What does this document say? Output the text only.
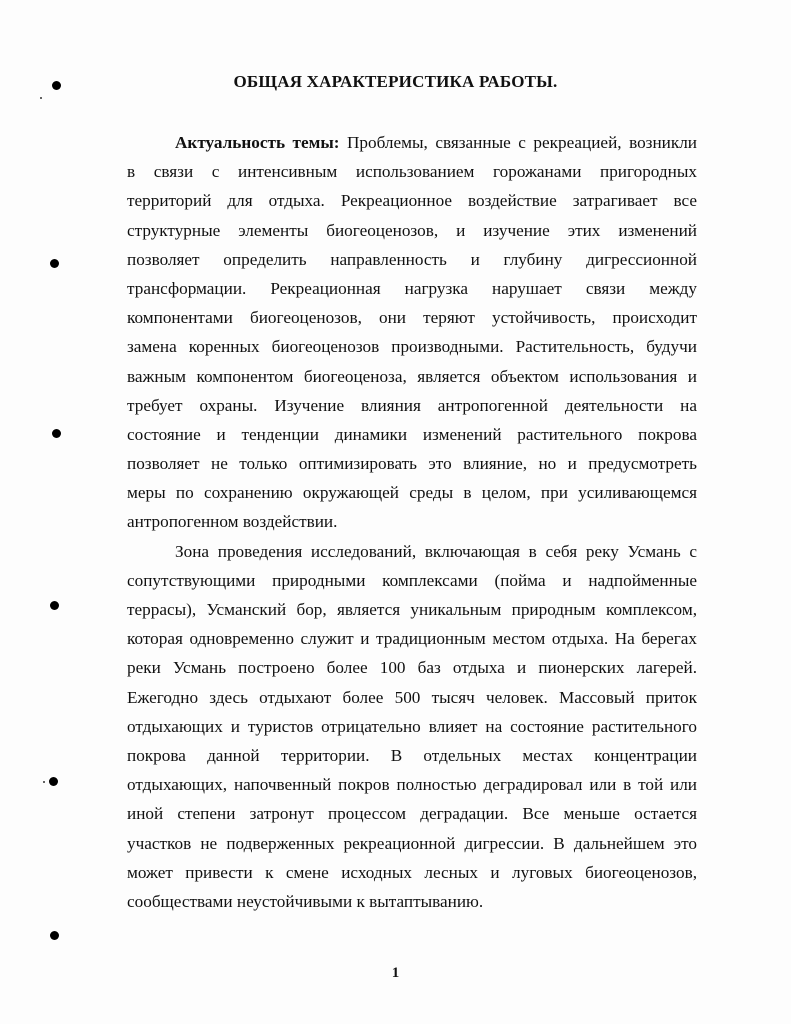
ОБЩАЯ ХАРАКТЕРИСТИКА РАБОТЫ.
Актуальность темы: Проблемы, связанные с рекреацией, возникли
в связи с интенсивным использованием горожанами пригородных
территорий для отдыха. Рекреационное воздействие затрагивает все
структурные элементы биогеоценозов, и изучение этих изменений
позволяет определить направленность и глубину дигрессионной
трансформации. Рекреационная нагрузка нарушает связи между
компонентами биогеоценозов, они теряют устойчивость, происходит
замена коренных биогеоценозов производными. Растительность, будучи
важным компонентом биогеоценоза, является объектом использования и
требует охраны. Изучение влияния антропогенной деятельности на
состояние и тенденции динамики изменений растительного покрова
позволяет не только оптимизировать это влияние, но и предусмотреть
меры по сохранению окружающей среды в целом, при усиливающемся
антропогенном воздействии.
Зона проведения исследований, включающая в себя реку Усмань с
сопутствующими природными комплексами (пойма и надпойменные
террасы), Усманский бор, является уникальным природным комплексом,
которая одновременно служит и традиционным местом отдыха. На берегах
реки Усмань построено более 100 баз отдыха и пионерских лагерей.
Ежегодно здесь отдыхают более 500 тысяч человек. Массовый приток
отдыхающих и туристов отрицательно влияет на состояние растительного
покрова данной территории. В отдельных местах концентрации
отдыхающих, напочвенный покров полностью деградировал или в той или
иной степени затронут процессом деградации. Все меньше остается
участков не подверженных рекреационной дигрессии. В дальнейшем это
может привести к смене исходных лесных и луговых биогеоценозов,
сообществами неустойчивыми к вытаптыванию.
1
